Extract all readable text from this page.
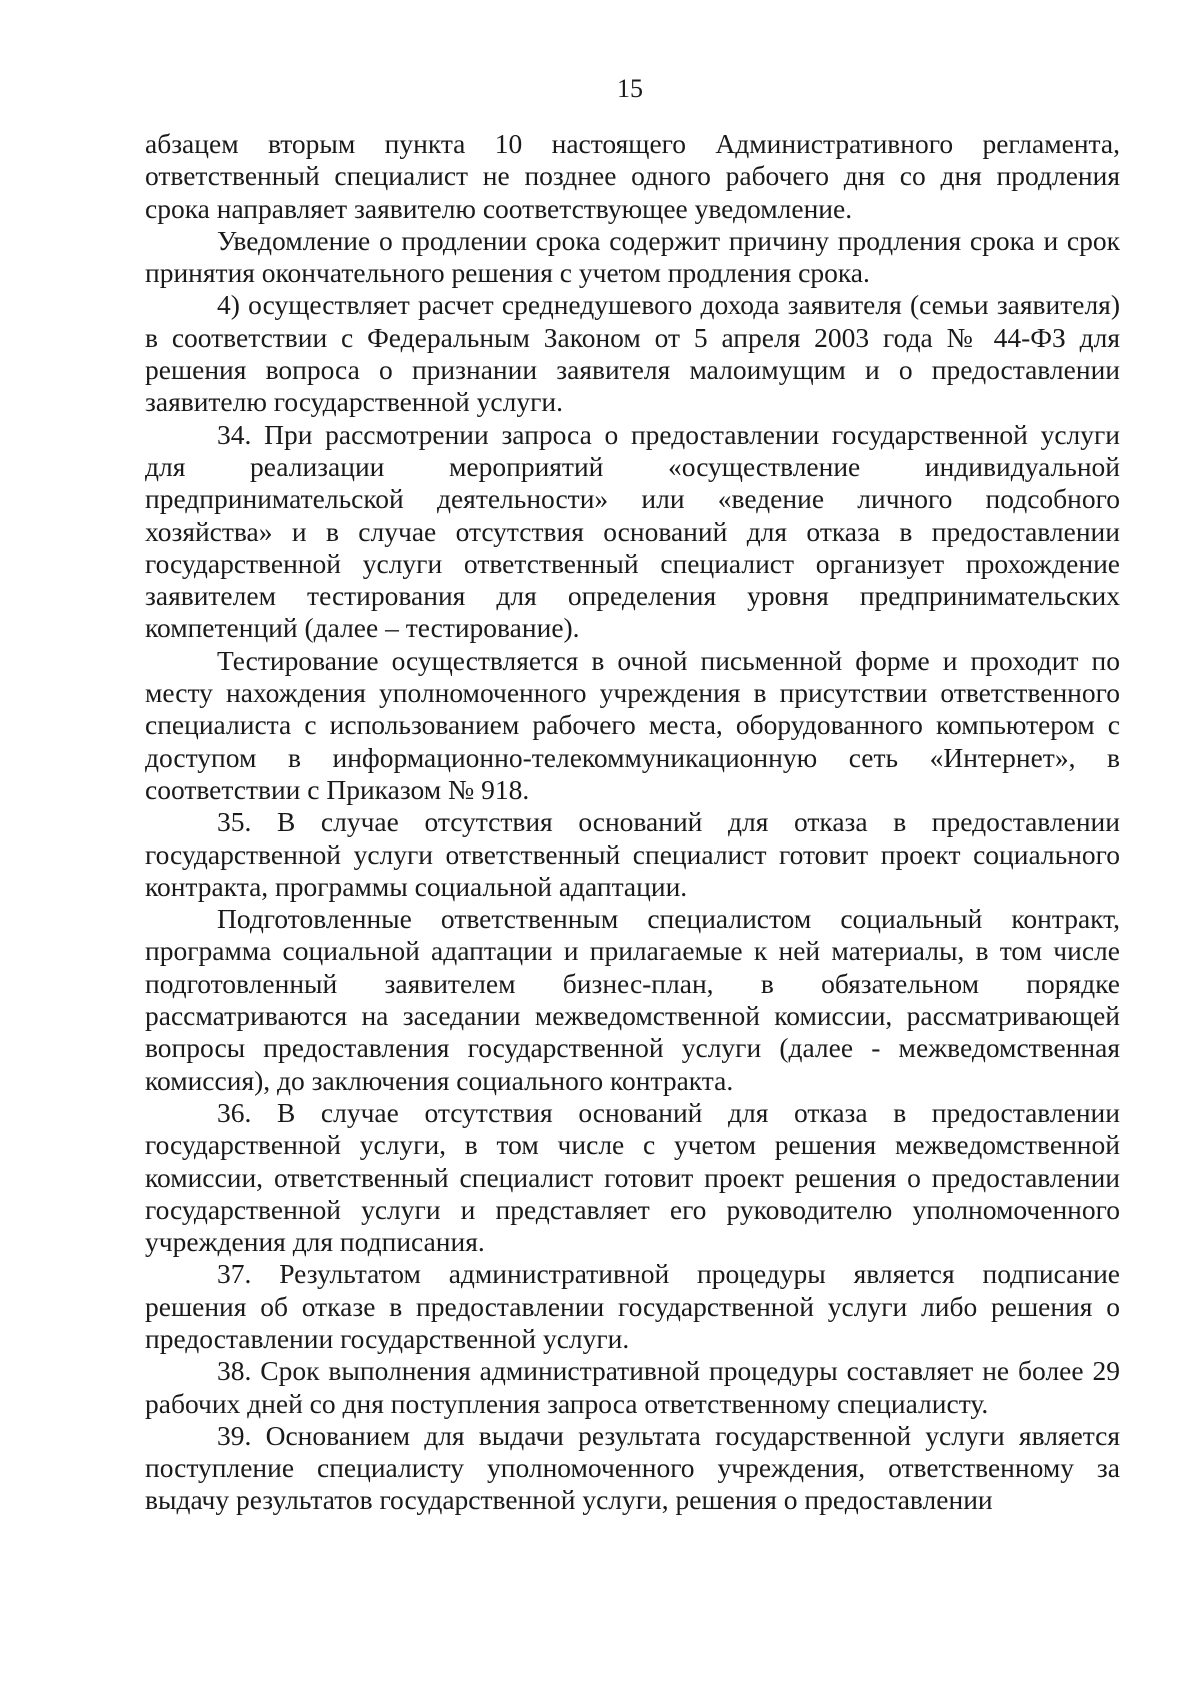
15

абзацем вторым пункта 10 настоящего Административного регламента, ответственный специалист не позднее одного рабочего дня со дня продления срока направляет заявителю соответствующее уведомление.

Уведомление о продлении срока содержит причину продления срока и срок принятия окончательного решения с учетом продления срока.

4) осуществляет расчет среднедушевого дохода заявителя (семьи заявителя) в соответствии с Федеральным Законом от 5 апреля 2003 года № 44-ФЗ для решения вопроса о признании заявителя малоимущим и о предоставлении заявителю государственной услуги.

34. При рассмотрении запроса о предоставлении государственной услуги для реализации мероприятий «осуществление индивидуальной предпринимательской деятельности» или «ведение личного подсобного хозяйства» и в случае отсутствия оснований для отказа в предоставлении государственной услуги ответственный специалист организует прохождение заявителем тестирования для определения уровня предпринимательских компетенций (далее – тестирование).

Тестирование осуществляется в очной письменной форме и проходит по месту нахождения уполномоченного учреждения в присутствии ответственного специалиста с использованием рабочего места, оборудованного компьютером с доступом в информационно-телекоммуникационную сеть «Интернет», в соответствии с Приказом № 918.

35. В случае отсутствия оснований для отказа в предоставлении государственной услуги ответственный специалист готовит проект социального контракта, программы социальной адаптации.

Подготовленные ответственным специалистом социальный контракт, программа социальной адаптации и прилагаемые к ней материалы, в том числе подготовленный заявителем бизнес-план, в обязательном порядке рассматриваются на заседании межведомственной комиссии, рассматривающей вопросы предоставления государственной услуги (далее - межведомственная комиссия), до заключения социального контракта.

36. В случае отсутствия оснований для отказа в предоставлении государственной услуги, в том числе с учетом решения межведомственной комиссии, ответственный специалист готовит проект решения о предоставлении государственной услуги и представляет его руководителю уполномоченного учреждения для подписания.

37. Результатом административной процедуры является подписание решения об отказе в предоставлении государственной услуги либо решения о предоставлении государственной услуги.

38. Срок выполнения административной процедуры составляет не более 29 рабочих дней со дня поступления запроса ответственному специалисту.

39. Основанием для выдачи результата государственной услуги является поступление специалисту уполномоченного учреждения, ответственному за выдачу результатов государственной услуги, решения о предоставлении
